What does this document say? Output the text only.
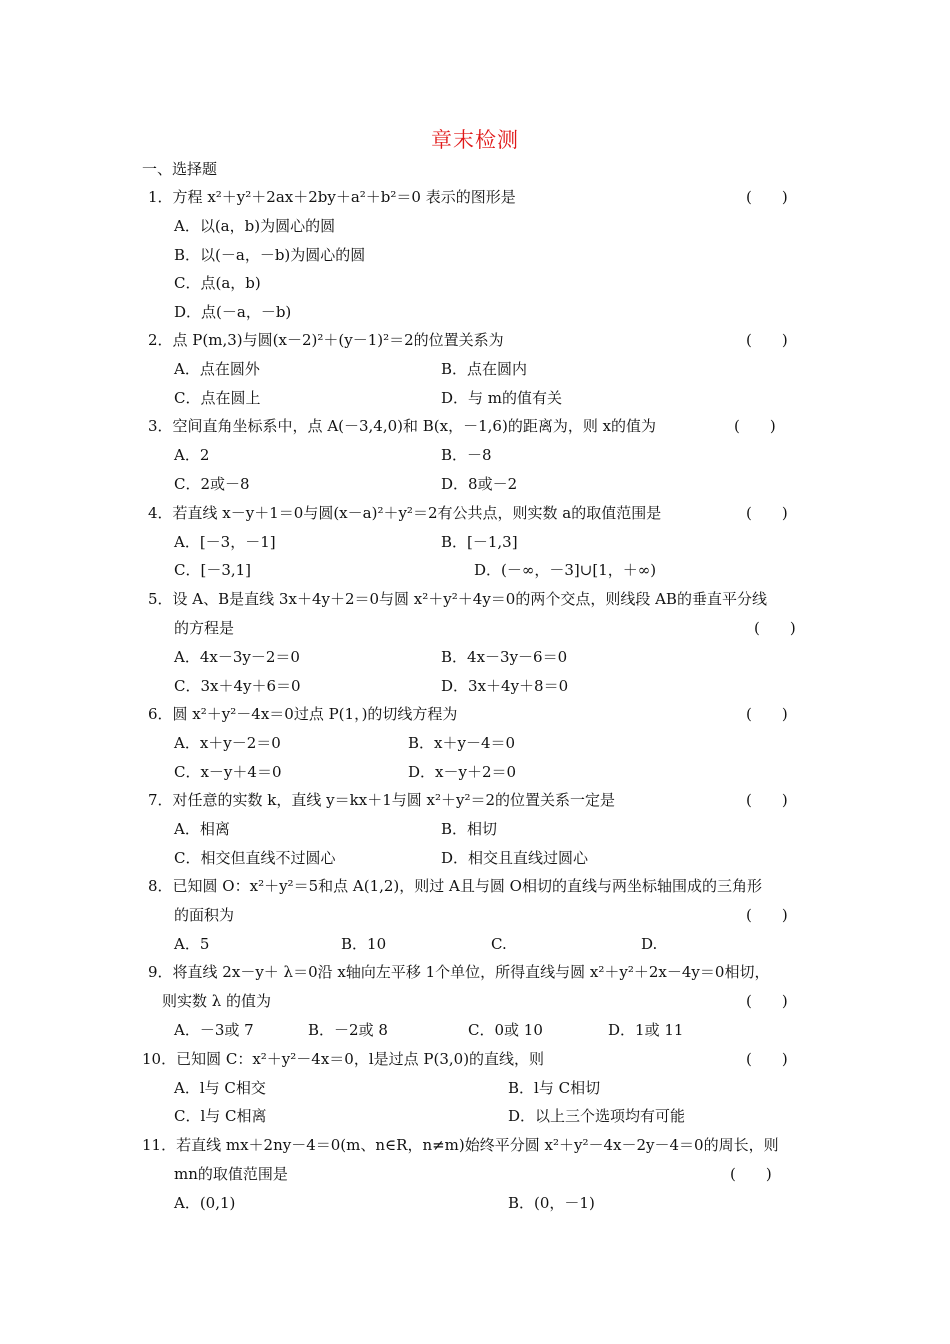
章末检测
一、选择题
1．方程 x²＋y²＋2ax＋2by＋a²＋b²＝0 表示的图形是	(　　)
A．以(a，b)为圆心的圆
B．以(－a，－b)为圆心的圆
C．点(a，b)
D．点(－a，－b)
2．点 P(m,3)与圆(x－2)²＋(y－1)²＝2的位置关系为	(　　)
A．点在圆外	B．点在圆内
C．点在圆上	D．与 m的值有关
3．空间直角坐标系中，点 A(－3,4,0)和 B(x，－1,6)的距离为，则 x的值为	(　　)
A．2	B．－8
C．2或－8	D．8或－2
4．若直线 x－y＋1＝0与圆(x－a)²＋y²＝2有公共点，则实数 a的取值范围是	(　　)
A．[－3，－1]	B．[－1,3]
C．[－3,1]	D．(－∞，－3]∪[1，＋∞)
5．设 A、B是直线 3x＋4y＋2＝0与圆 x²＋y²＋4y＝0的两个交点，则线段 AB的垂直平分线
的方程是	(　　)
A．4x－3y－2＝0	B．4x－3y－6＝0
C．3x＋4y＋6＝0	D．3x＋4y＋8＝0
6．圆 x²＋y²－4x＝0过点 P(1，)的切线方程为	(　　)
A．x＋y－2＝0	B．x＋y－4＝0
C．x－y＋4＝0	D．x－y＋2＝0
7．对任意的实数 k，直线 y＝kx＋1与圆 x²＋y²＝2的位置关系一定是	(　　)
A．相离	B．相切
C．相交但直线不过圆心	D．相交且直线过圆心
8．已知圆 O：x²＋y²＝5和点 A(1,2)，则过 A且与圆 O相切的直线与两坐标轴围成的三角形
的面积为	(　　)
A．5	B．10	C.	D.
9．将直线 2x－y＋ λ＝0沿 x轴向左平移 1个单位，所得直线与圆 x²＋y²＋2x－4y＝0相切，
则实数 λ 的值为	(　　)
A．－3或 7	B．－2或 8	C．0或 10	D．1或 11
10．已知圆 C：x²＋y²－4x＝0，l是过点 P(3,0)的直线，则	(　　)
A．l与 C相交	B．l与 C相切
C．l与 C相离	D．以上三个选项均有可能
11．若直线 mx＋2ny－4＝0(m、n∈R，n≠m)始终平分圆 x²＋y²－4x－2y－4＝0的周长，则
mn的取值范围是	(　　)
A．(0,1)	B．(0，－1)
